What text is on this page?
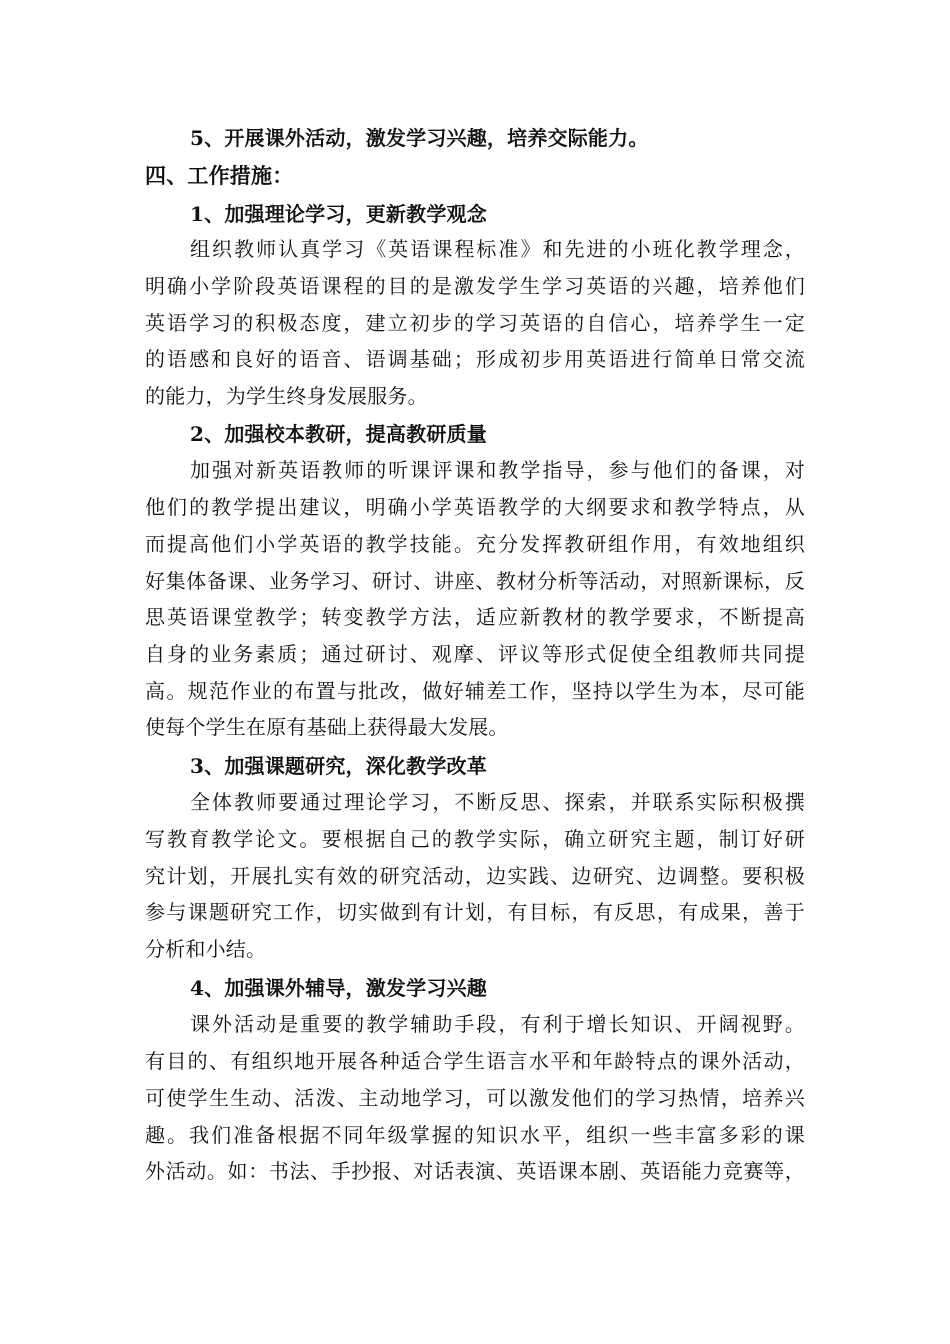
5、开展课外活动，激发学习兴趣，培养交际能力。
四、工作措施：
1、加强理论学习，更新教学观念
组织教师认真学习《英语课程标准》和先进的小班化教学理念，
明确小学阶段英语课程的目的是激发学生学习英语的兴趣，培养他们
英语学习的积极态度，建立初步的学习英语的自信心，培养学生一定
的语感和良好的语音、语调基础；形成初步用英语进行简单日常交流
的能力，为学生终身发展服务。
2、加强校本教研，提高教研质量
加强对新英语教师的听课评课和教学指导，参与他们的备课，对
他们的教学提出建议，明确小学英语教学的大纲要求和教学特点，从
而提高他们小学英语的教学技能。充分发挥教研组作用，有效地组织
好集体备课、业务学习、研讨、讲座、教材分析等活动，对照新课标，反
思英语课堂教学；转变教学方法，适应新教材的教学要求，不断提高
自身的业务素质；通过研讨、观摩、评议等形式促使全组教师共同提
高。规范作业的布置与批改，做好辅差工作，坚持以学生为本，尽可能
使每个学生在原有基础上获得最大发展。
3、加强课题研究，深化教学改革
全体教师要通过理论学习，不断反思、探索，并联系实际积极撰
写教育教学论文。要根据自己的教学实际，确立研究主题，制订好研
究计划，开展扎实有效的研究活动，边实践、边研究、边调整。要积极
参与课题研究工作，切实做到有计划，有目标，有反思，有成果，善于
分析和小结。
4、加强课外辅导，激发学习兴趣
课外活动是重要的教学辅助手段，有利于增长知识、开阔视野。
有目的、有组织地开展各种适合学生语言水平和年龄特点的课外活动，
可使学生生动、活泼、主动地学习，可以激发他们的学习热情，培养兴
趣。我们准备根据不同年级掌握的知识水平，组织一些丰富多彩的课
外活动。如：书法、手抄报、对话表演、英语课本剧、英语能力竞赛等，
